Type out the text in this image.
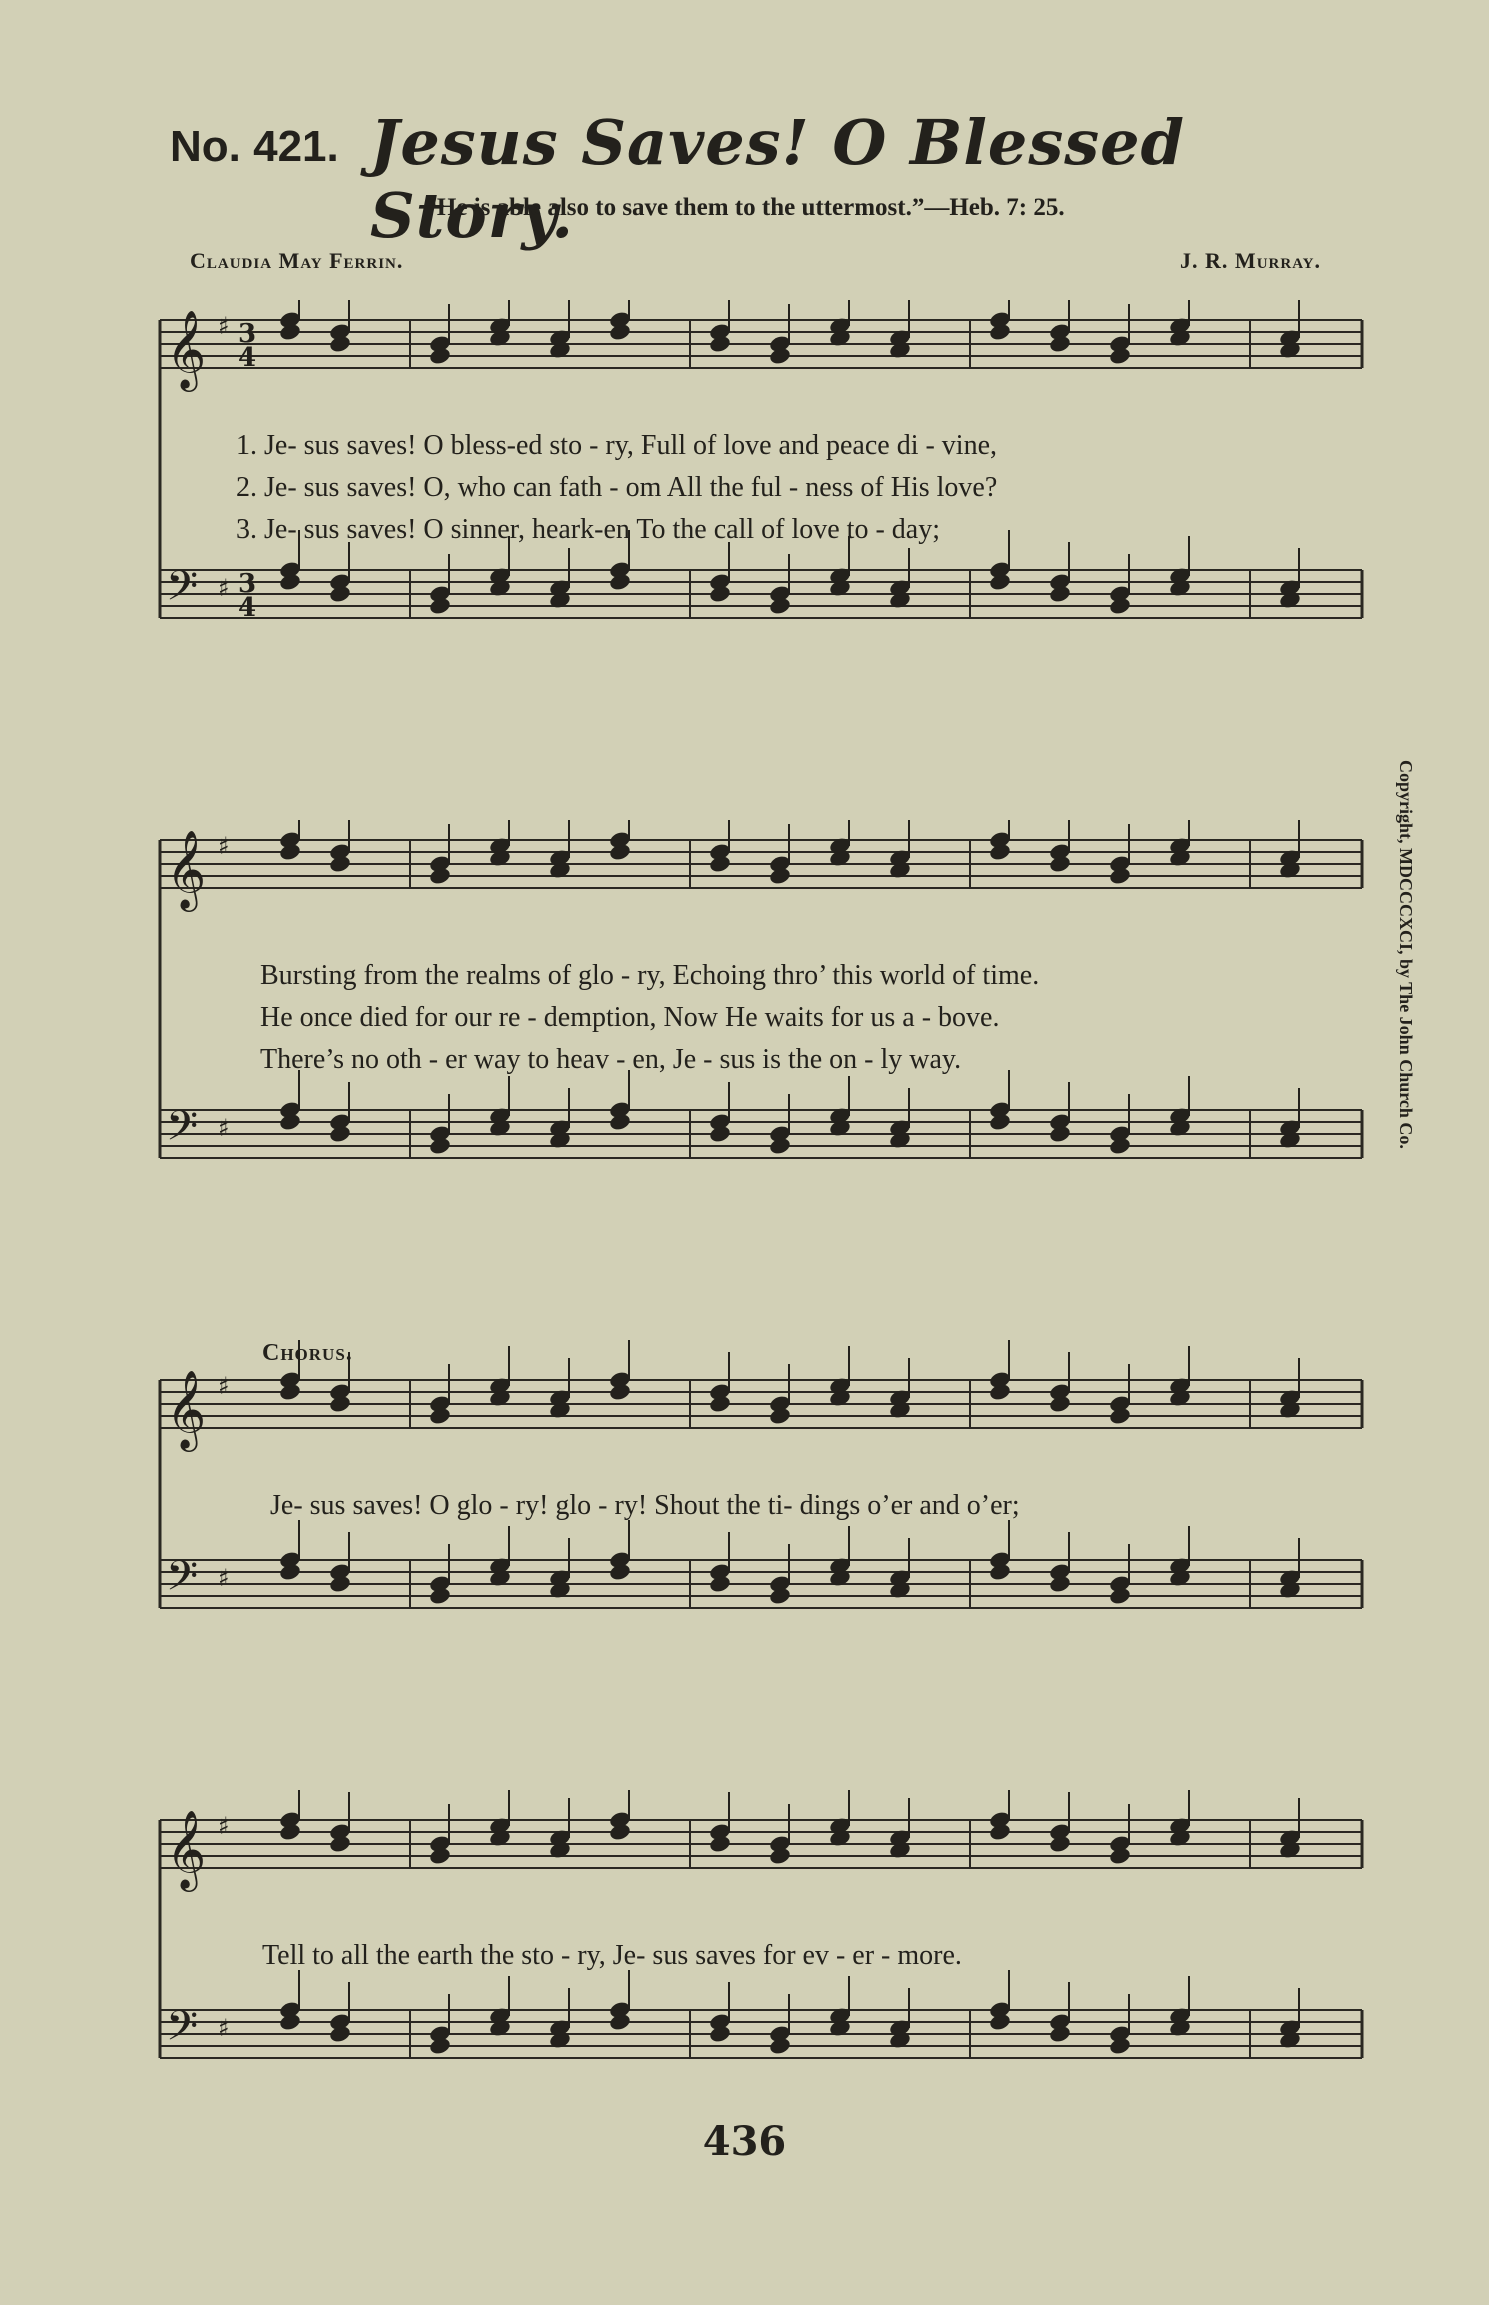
No. 421. Jesus Saves! O Blessed Story.
“He is able also to save them to the uttermost.”—Heb. 7: 25.
Claudia May Ferrin.	J. R. Murray.
𝄞 ♯ 3
4
𝄢 ♯ 3
4
1. Je- sus saves! O bless-ed sto - ry, Full of love and peace di - vine,
2. Je- sus saves! O, who can fath - om All the ful - ness of His love?
3. Je- sus saves! O sinner, heark-en To the call of love to - day;
𝄞 ♯
𝄢 ♯
Bursting from the realms of glo - ry, Echoing thro’ this world of time.
He once died for our re - demption, Now He waits for us a - bove.
There’s no oth - er way to heav - en, Je - sus is the on - ly way.
𝄞 ♯
𝄢 ♯
Chorus.
Je- sus saves! O glo - ry! glo - ry! Shout the ti- dings o’er and o’er;
𝄞 ♯
𝄢 ♯
Tell to all the earth the sto - ry, Je- sus saves for ev - er - more.
Copyright, MDCCCXCI, by The John Church Co.
436
